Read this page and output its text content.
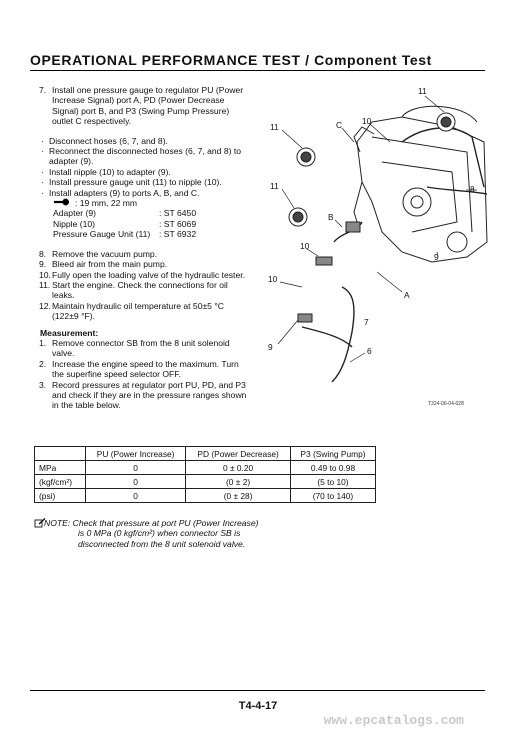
OPERATIONAL PERFORMANCE TEST / Component Test
7. Install one pressure gauge to regulator PU (Power Increase Signal) port A, PD (Power Decrease Signal) port B, and P3 (Swing Pump Pressure) outlet C respectively.
· Disconnect hoses (6, 7, and 8).
· Reconnect the disconnected hoses (6, 7, and 8) to adapter (9).
· Install nipple (10) to adapter (9).
· Install pressure gauge unit (11) to nipple (10).
· Install adapters (9) to ports A, B, and C.
: 19 mm, 22 mm
Adapter (9)	: ST 6450
Nipple (10)	: ST 6069
Pressure Gauge Unit (11)	: ST 6932
8. Remove the vacuum pump.
9. Bleed air from the main pump.
10. Fully open the loading valve of the hydraulic tester.
11. Start the engine. Check the connections for oil leaks.
12. Maintain hydraulic oil temperature at 50±5 °C (122±9 °F).
Measurement:
1. Remove connector SB from the 8 unit solenoid valve.
2. Increase the engine speed to the maximum. Turn the superfine speed selector OFF.
3. Record pressures at regulator port PU, PD, and P3 and check if they are in the pressure ranges shown in the table below.
11
11
10
C
11	8
B
10
9
10
A
7
9	6
T324-06-04-028
	PU (Power Increase)	PD (Power Decrease)	P3 (Swing Pump)
MPa	0	0 ± 0.20	0.49 to 0.98
(kgf/cm²)	0	(0 ± 2)	(5 to 10)
(psi)	0	(0 ± 28)	(70 to 140)
NOTE: Check that pressure at port PU (Power Increase) is 0 MPa (0 kgf/cm²) when connector SB is disconnected from the 8 unit solenoid valve.
T4-4-17
www.epcatalogs.com
